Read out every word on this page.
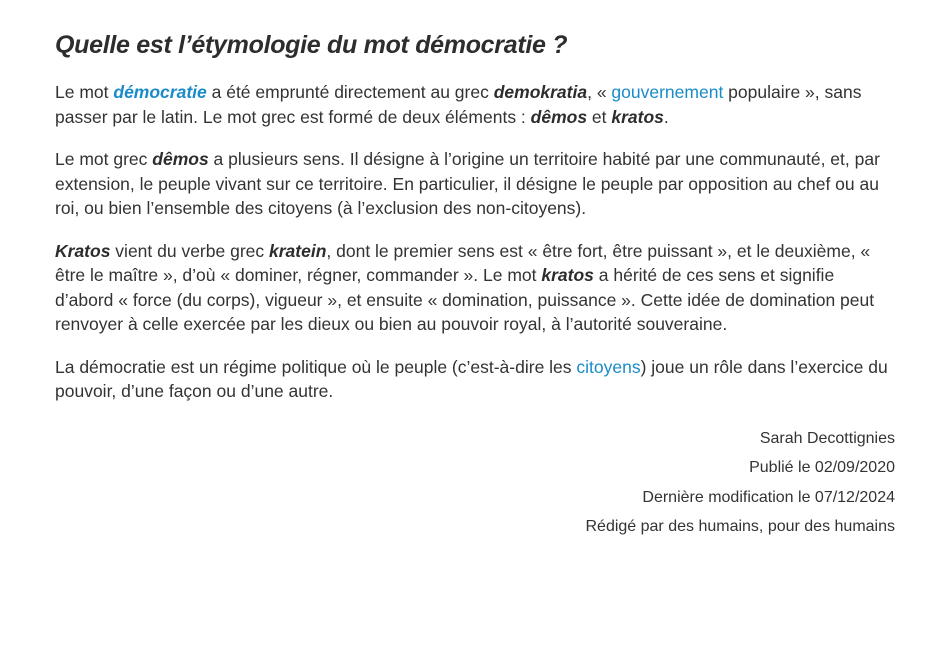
Quelle est l’étymologie du mot démocratie ?

Le mot démocratie a été emprunté directement au grec demokratia, « gouvernement populaire », sans passer par le latin. Le mot grec est formé de deux éléments : dêmos et kratos.

Le mot grec dêmos a plusieurs sens. Il désigne à l’origine un territoire habité par une communauté, et, par extension, le peuple vivant sur ce territoire. En particulier, il désigne le peuple par opposition au chef ou au roi, ou bien l’ensemble des citoyens (à l’exclusion des non-citoyens).

Kratos vient du verbe grec kratein, dont le premier sens est « être fort, être puissant », et le deuxième, « être le maître », d’où « dominer, régner, commander ». Le mot kratos a hérité de ces sens et signifie d’abord « force (du corps), vigueur », et ensuite « domination, puissance ». Cette idée de domination peut renvoyer à celle exercée par les dieux ou bien au pouvoir royal, à l’autorité souveraine.

La démocratie est un régime politique où le peuple (c’est-à-dire les citoyens) joue un rôle dans l’exercice du pouvoir, d’une façon ou d’une autre.

Sarah Decottignies
Publié le 02/09/2020
Dernière modification le 07/12/2024
Rédigé par des humains, pour des humains
